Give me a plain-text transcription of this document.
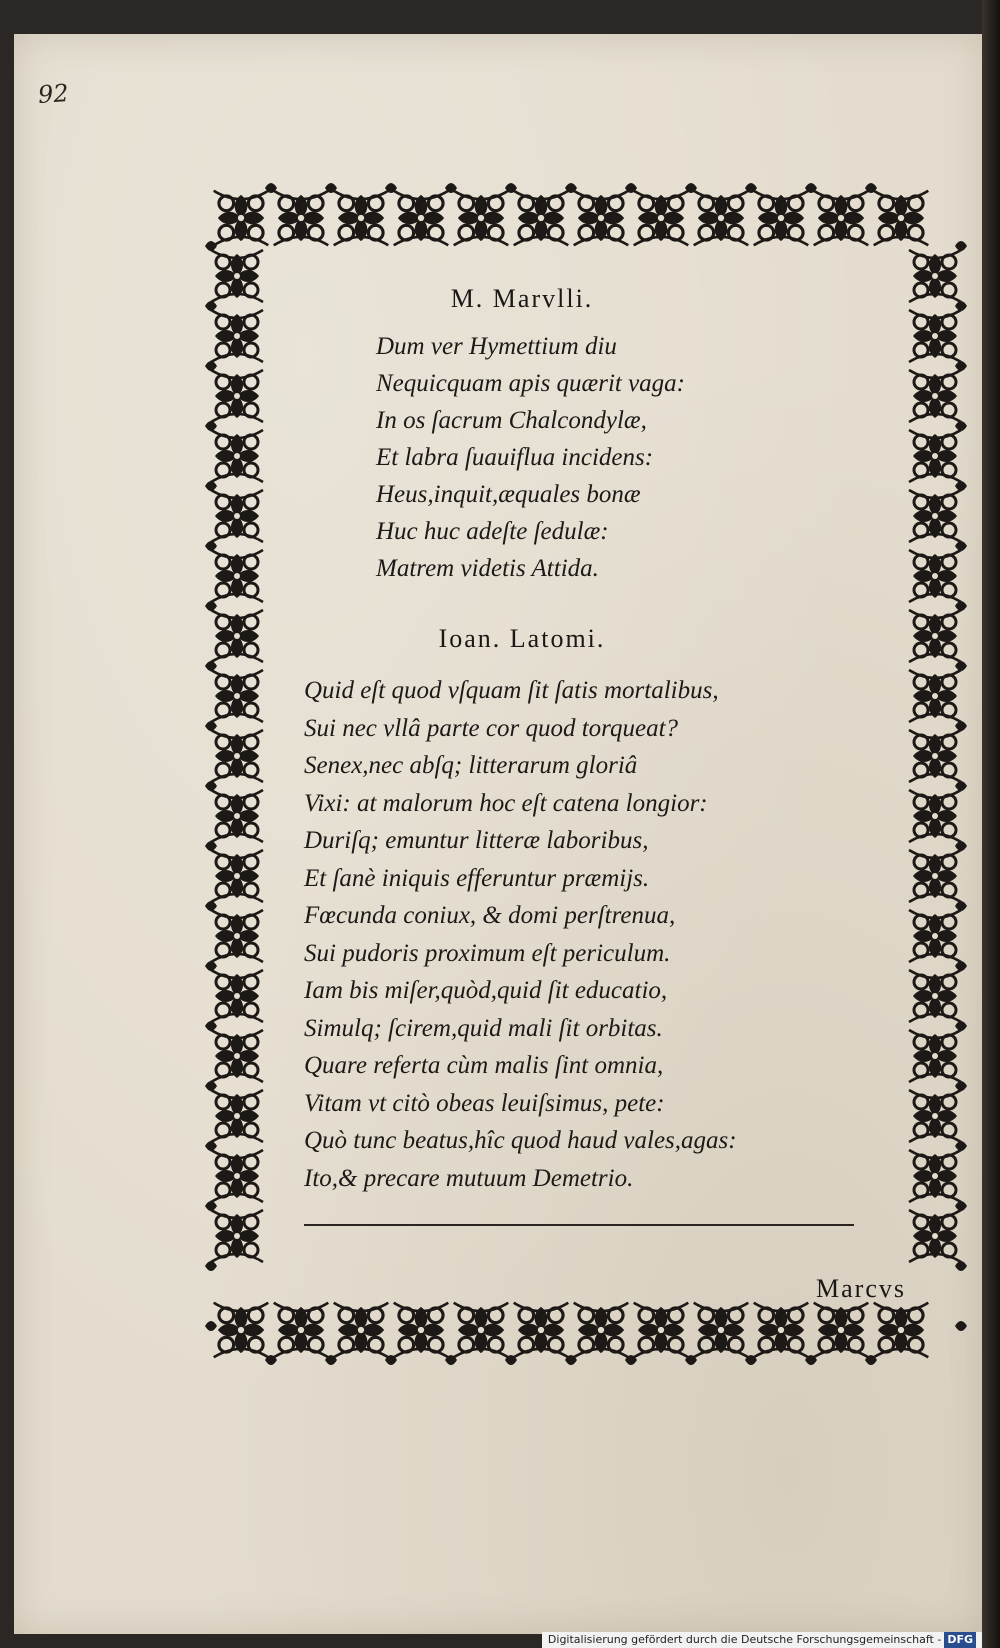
92
M. Marvlli.
Dum ver Hymettium diu
Nequicquam apis quærit vaga:
In os ſacrum Chalcondylæ,
Et labra ſuauiflua incidens:
Heus,inquit,æquales bonæ
Huc huc adeſte ſedulæ:
Matrem videtis Attida.
Ioan. Latomi.
Quid eſt quod vſquam ſit ſatis mortalibus,
Sui nec vllâ parte cor quod torqueat?
Senex,nec abſq; litterarum gloriâ
Vixi: at malorum hoc eſt catena longior:
Duriſq; emuntur litteræ laboribus,
Et ſanè iniquis efferuntur præmijs.
Fœcunda coniux, & domi perſtrenua,
Sui pudoris proximum eſt periculum.
Iam bis miſer,quòd,quid ſit educatio,
Simulq; ſcirem,quid mali ſit orbitas.
Quare referta cùm malis ſint omnia,
Vitam vt citò obeas leuiſsimus, pete:
Quò tunc beatus,hîc quod haud vales,agas:
Ito,& precare mutuum Demetrio.
Marcvs
Digitalisierung gefördert durch die Deutsche Forschungsgemeinschaft - DFG
